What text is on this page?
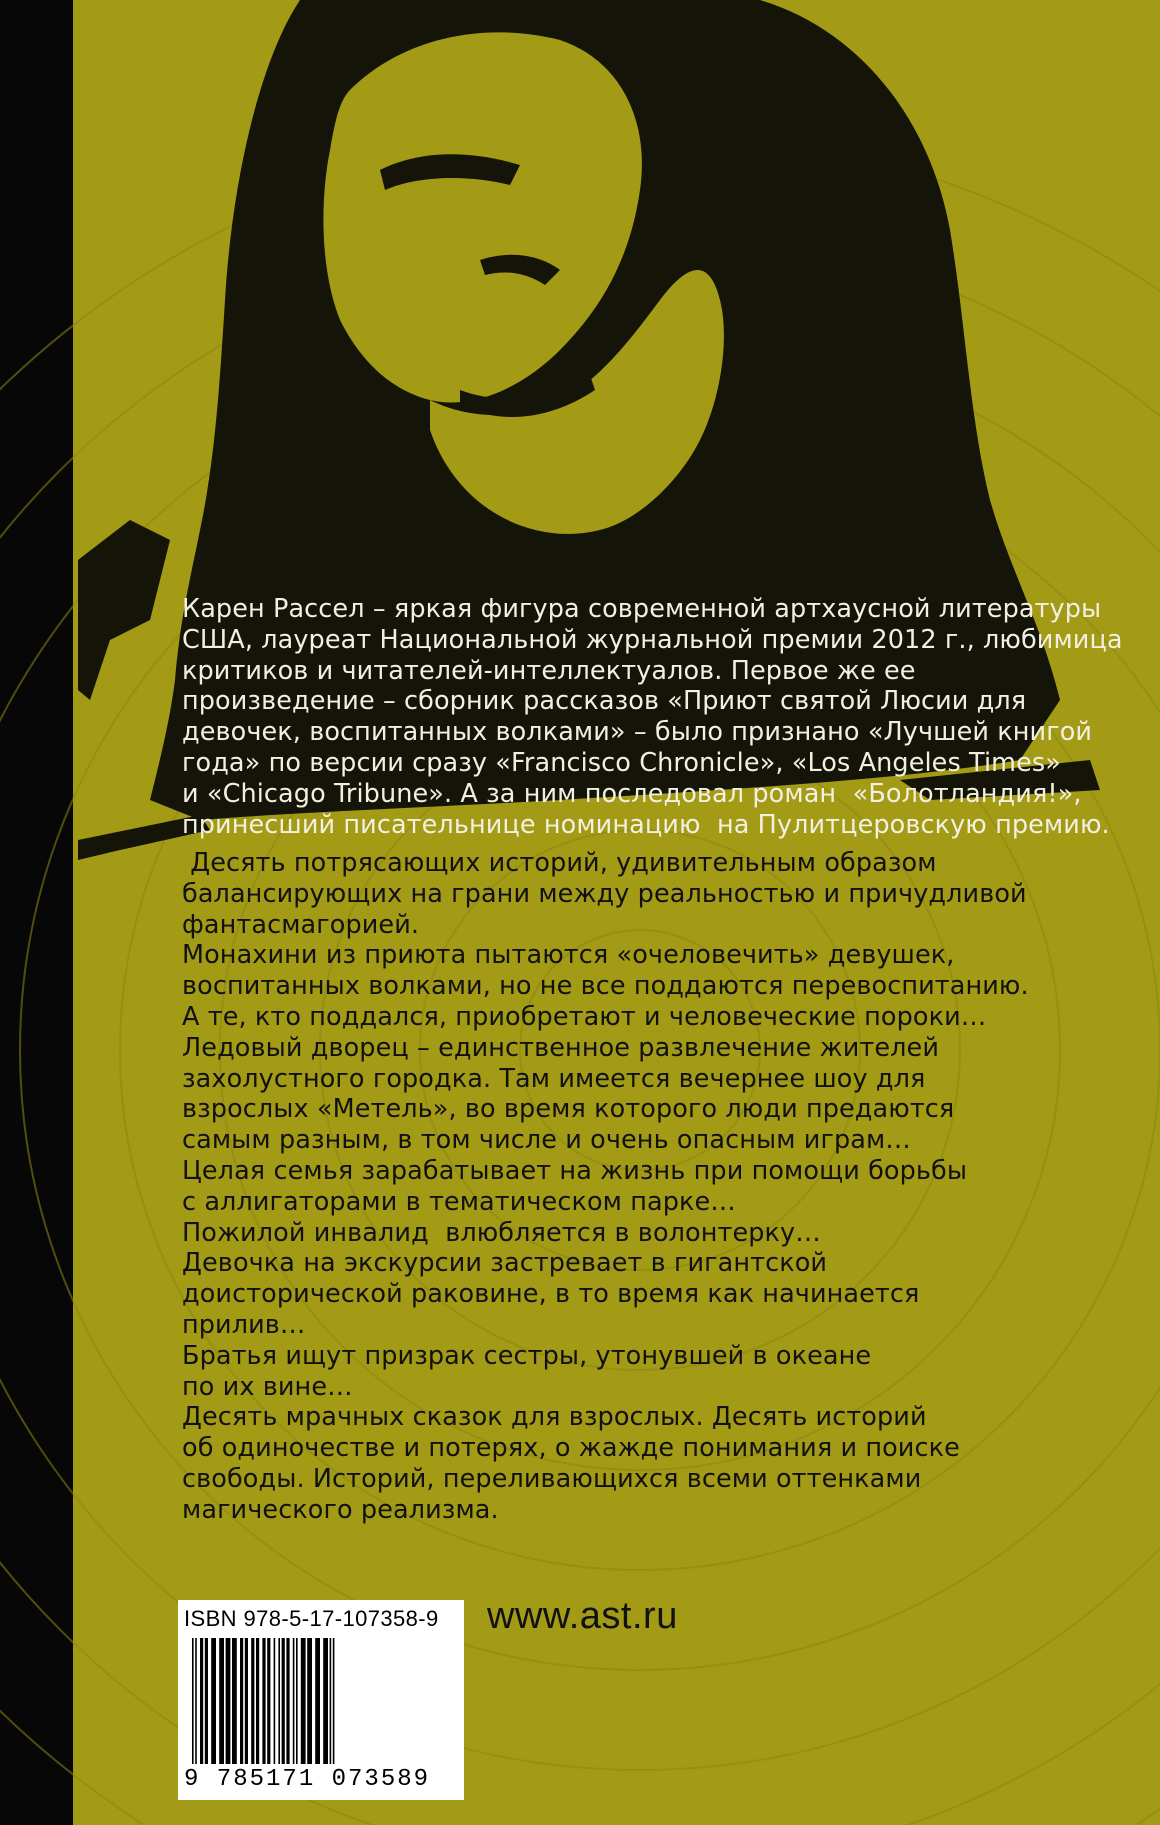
Карен Рассел – яркая фигура современной артхаусной литературы

США, лауреат Национальной журнальной премии 2012 г., любимица

критиков и читателей-интеллектуалов. Первое же ее

произведение – сборник рассказов «Приют святой Люсии для

девочек, воспитанных волками» – было признано «Лучшей книгой

года» по версии сразу «Francisco Chronicle», «Los Angeles Times»

и «Chicago Tribune». А за ним последовал роман  «Болотландия!»,

принесший писательнице номинацию  на Пулитцеровскую премию.

Десять потрясающих историй, удивительным образом

балансирующих на грани между реальностью и причудливой

фантасмагорией.

Монахини из приюта пытаются «очеловечить» девушек,

воспитанных волками, но не все поддаются перевоспитанию.

А те, кто поддался, приобретают и человеческие пороки…

Ледовый дворец – единственное развлечение жителей

захолустного городка. Там имеется вечернее шоу для

взрослых «Метель», во время которого люди предаются

самым разным, в том числе и очень опасным играм…

Целая семья зарабатывает на жизнь при помощи борьбы

с аллигаторами в тематическом парке…

Пожилой инвалид  влюбляется в волонтерку…

Девочка на экскурсии застревает в гигантской

доисторической раковине, в то время как начинается

прилив…

Братья ищут призрак сестры, утонувшей в океане

по их вине…

Десять мрачных сказок для взрослых. Десять историй

об одиночестве и потерях, о жажде понимания и поиске

свободы. Историй, переливающихся всеми оттенками

магического реализма.

ISBN 978-5-17-107358-9
9 785171 073589
www.ast.ru
